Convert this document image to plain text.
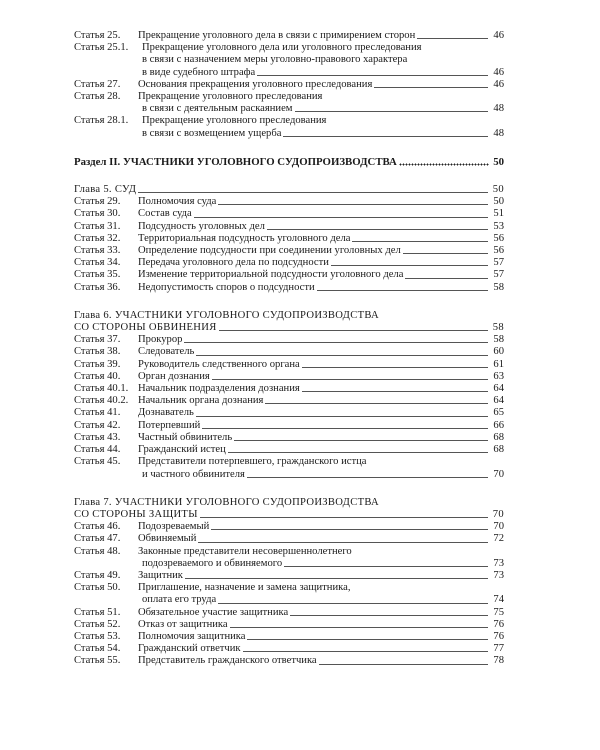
Статья 25.	Прекращение уголовного дела в связи с примирением сторон	46
Статья 25.1.	Прекращение уголовного дела или уголовного преследования
в связи с назначением меры уголовно-правового характера
в виде судебного штрафа	46
Статья 27.	Основания прекращения уголовного преследования	46
Статья 28.	Прекращение уголовного преследования
в связи с деятельным раскаянием	48
Статья 28.1.	Прекращение уголовного преследования
в связи с возмещением ущерба	48
Раздел II. УЧАСТНИКИ УГОЛОВНОГО СУДОПРОИЗВОДСТВА	50
Глава 5. СУД	50
Статья 29.	Полномочия суда	50
Статья 30.	Состав суда	51
Статья 31.	Подсудность уголовных дел	53
Статья 32.	Территориальная подсудность уголовного дела	56
Статья 33.	Определение подсудности при соединении уголовных дел	56
Статья 34.	Передача уголовного дела по подсудности	57
Статья 35.	Изменение территориальной подсудности уголовного дела	57
Статья 36.	Недопустимость споров о подсудности	58
Глава 6. УЧАСТНИКИ УГОЛОВНОГО СУДОПРОИЗВОДСТВА
СО СТОРОНЫ ОБВИНЕНИЯ	58
Статья 37.	Прокурор	58
Статья 38.	Следователь	60
Статья 39.	Руководитель следственного органа	61
Статья 40.	Орган дознания	63
Статья 40.1. Начальник подразделения дознания	64
Статья 40.2. Начальник органа дознания	64
Статья 41.	Дознаватель	65
Статья 42.	Потерпевший	66
Статья 43.	Частный обвинитель	68
Статья 44.	Гражданский истец	68
Статья 45.	Представители потерпевшего, гражданского истца
и частного обвинителя	70
Глава 7. УЧАСТНИКИ УГОЛОВНОГО СУДОПРОИЗВОДСТВА
СО СТОРОНЫ ЗАЩИТЫ	70
Статья 46.	Подозреваемый	70
Статья 47.	Обвиняемый	72
Статья 48.	Законные представители несовершеннолетнего
подозреваемого и обвиняемого	73
Статья 49.	Защитник	73
Статья 50.	Приглашение, назначение и замена защитника,
оплата его труда	74
Статья 51.	Обязательное участие защитника	75
Статья 52.	Отказ от защитника	76
Статья 53.	Полномочия защитника	76
Статья 54.	Гражданский ответчик	77
Статья 55.	Представитель гражданского ответчика	78
